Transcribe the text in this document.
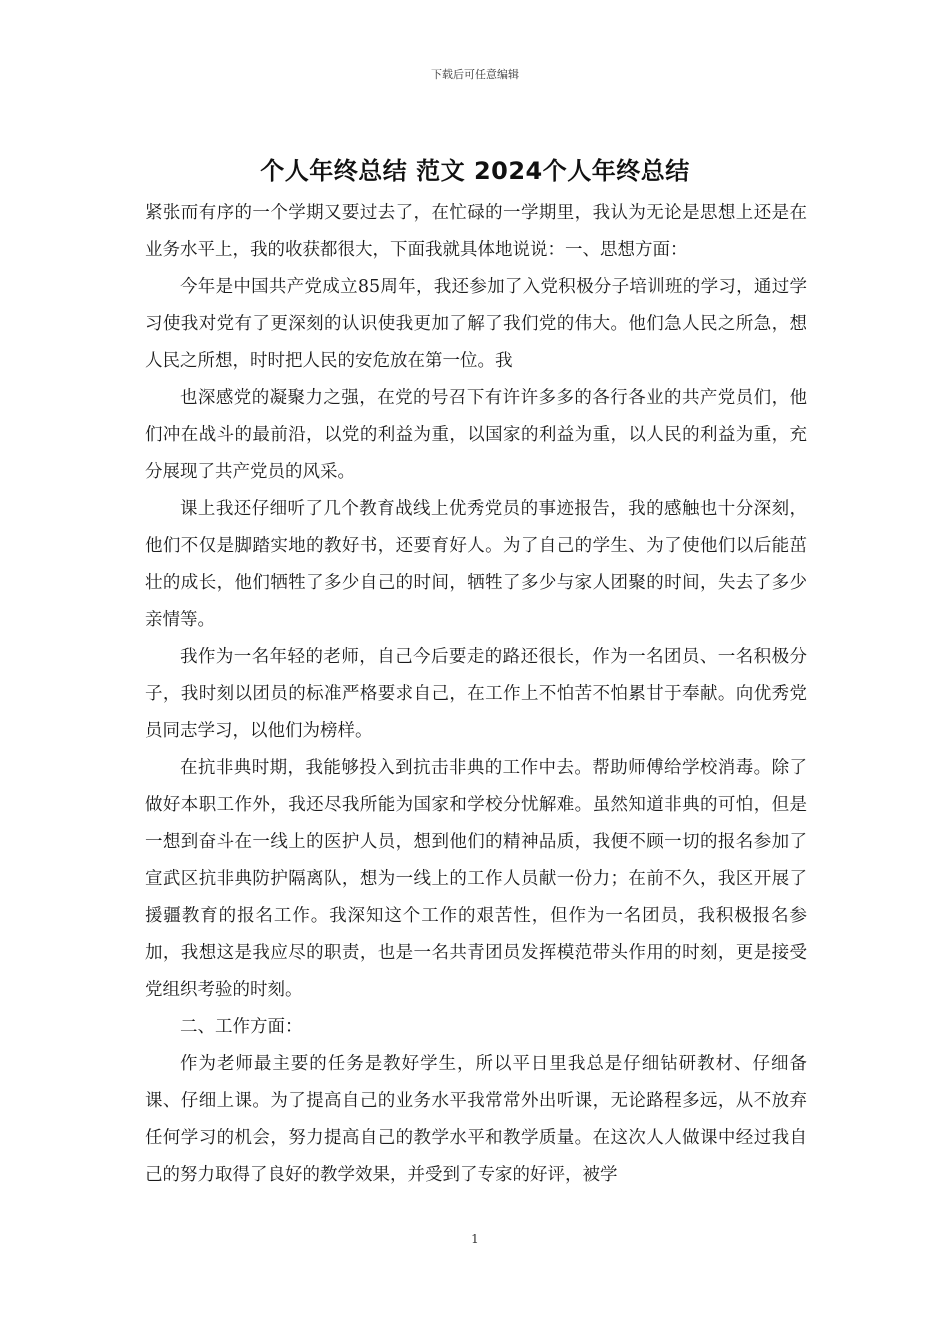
下载后可任意编辑
个人年终总结 范文 2024个人年终总结

紧张而有序的一个学期又要过去了，在忙碌的一学期里，我认为无论是思想上还是在业务水平上，我的收获都很大，下面我就具体地说说：一、思想方面：

今年是中国共产党成立85周年，我还参加了入党积极分子培训班的学习，通过学习使我对党有了更深刻的认识使我更加了解了我们党的伟大。他们急人民之所急，想人民之所想，时时把人民的安危放在第一位。我

也深感党的凝聚力之强，在党的号召下有许许多多的各行各业的共产党员们，他们冲在战斗的最前沿，以党的利益为重，以国家的利益为重，以人民的利益为重，充分展现了共产党员的风采。

课上我还仔细听了几个教育战线上优秀党员的事迹报告，我的感触也十分深刻，他们不仅是脚踏实地的教好书，还要育好人。为了自己的学生、为了使他们以后能茁壮的成长，他们牺牲了多少自己的时间，牺牲了多少与家人团聚的时间，失去了多少亲情等。

我作为一名年轻的老师，自己今后要走的路还很长，作为一名团员、一名积极分子，我时刻以团员的标准严格要求自己，在工作上不怕苦不怕累甘于奉献。向优秀党员同志学习，以他们为榜样。

在抗非典时期，我能够投入到抗击非典的工作中去。帮助师傅给学校消毒。除了做好本职工作外，我还尽我所能为国家和学校分忧解难。虽然知道非典的可怕，但是一想到奋斗在一线上的医护人员，想到他们的精神品质，我便不顾一切的报名参加了宣武区抗非典防护隔离队，想为一线上的工作人员献一份力；在前不久，我区开展了援疆教育的报名工作。我深知这个工作的艰苦性，但作为一名团员，我积极报名参加，我想这是我应尽的职责，也是一名共青团员发挥模范带头作用的时刻，更是接受党组织考验的时刻。

二、工作方面：

作为老师最主要的任务是教好学生，所以平日里我总是仔细钻研教材、仔细备课、仔细上课。为了提高自己的业务水平我常常外出听课，无论路程多远，从不放弃任何学习的机会，努力提高自己的教学水平和教学质量。在这次人人做课中经过我自己的努力取得了良好的教学效果，并受到了专家的好评，被学

1
